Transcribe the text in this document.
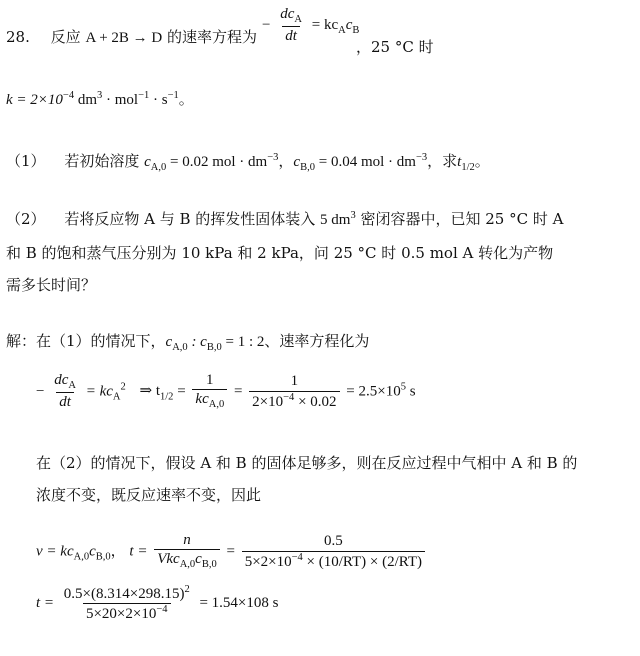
28. 反应 A + 2B → D 的速率方程为
− $\frac{dc_A}{dt} = kc_Ac_B$
，25 °C 时
$k = 2\times 10^{-4}$ $dm^3 \cdot mol^{-1} \cdot s^{-1}$。
（1） 若初始溶度 $c_{A,0} = 0.02$ mol · $dm^{-3}$，$c_{B,0} = 0.04$ mol · $dm^{-3}$，求$t_{1/2}$。
（2） 若将反应物 A 与 B 的挥发性固体装入 5 $dm^3$ 密闭容器中，已知 25 °C 时 A
和 B 的饱和蒸气压分别为 10 kPa 和 2 kPa，问 25 °C 时 0.5 mol A 转化为产物
需多长时间？
解：在（1）的情况下，$c_{A,0}$ : $c_{B,0} = 1$ : 2、速率方程化为
− $\frac{dc_A}{dt} = kc_A^2$ ⇒ $t_{1/2} = \frac{1}{kc_{A,0}} = \frac{1}{2\times 10^{-4} \times 0.02} = 2.5\times 10^5$ s
在（2）的情况下，假设 A 和 B 的固体足够多，则在反应过程中气相中 A 和 B 的
浓度不变，既反应速率不变，因此
$v = kc_{A,0}c_{B,0}$， $t = \frac{n}{Vkc_{A,0}c_{B,0}} = \frac{0.5}{5\times 2\times 10^{-4} \times (10/RT) \times (2/RT)}$
$t = \frac{0.5\times(8.314\times 298.15)^2}{5\times 20\times 2\times 10^{-4}} = 1.54\times 108$ s
